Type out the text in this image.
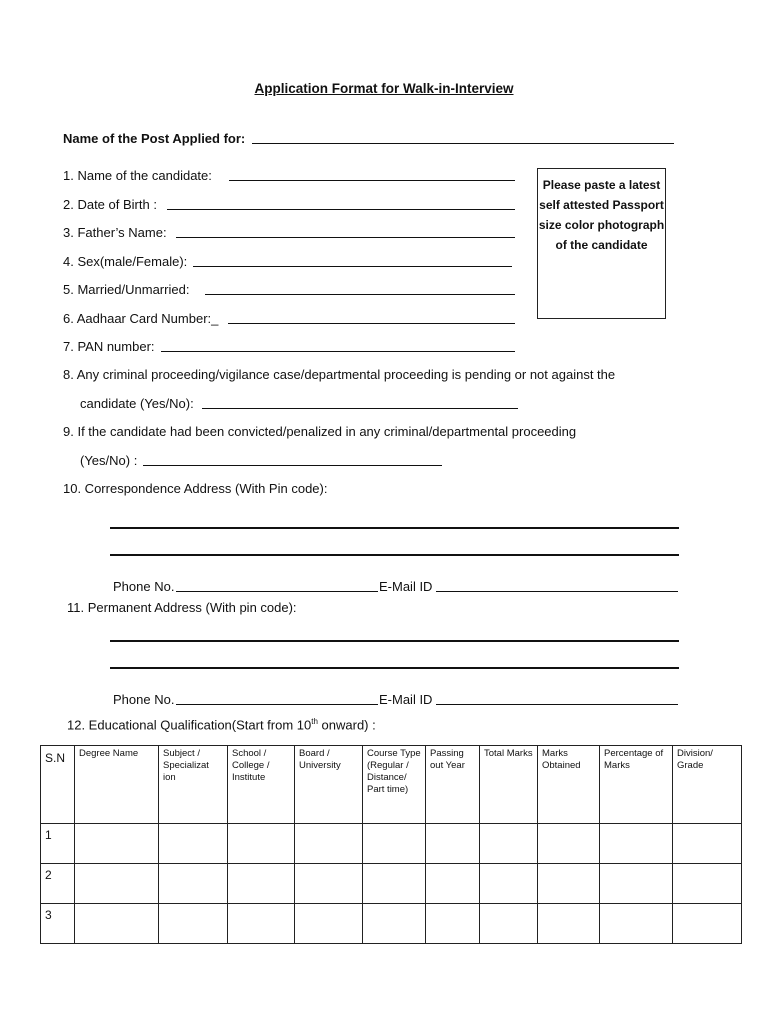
Application Format for Walk-in-Interview
Name of the Post Applied for:
1. Name of the candidate:
2. Date of Birth :
3. Father’s Name:
4. Sex(male/Female):
5. Married/Unmarried:
6. Aadhaar Card Number:_
7. PAN number:
8. Any criminal proceeding/vigilance case/departmental proceeding is pending or not against the
candidate (Yes/No):
9. If the candidate had been convicted/penalized in any criminal/departmental proceeding
(Yes/No) :
10. Correspondence Address (With Pin code):
Phone No.	E-Mail ID
11. Permanent Address (With pin code):
Phone No.	E-Mail ID
12. Educational Qualification(Start from 10th onward) :
Please paste a latest self attested Passport size color photograph of the candidate
S.N	Degree Name	Subject / Specializat ion	School / College / Institute	Board / University	Course Type (Regular / Distance/ Part time)	Passing out Year	Total Marks	Marks Obtained	Percentage of Marks	Division/ Grade
1										
2										
3										
